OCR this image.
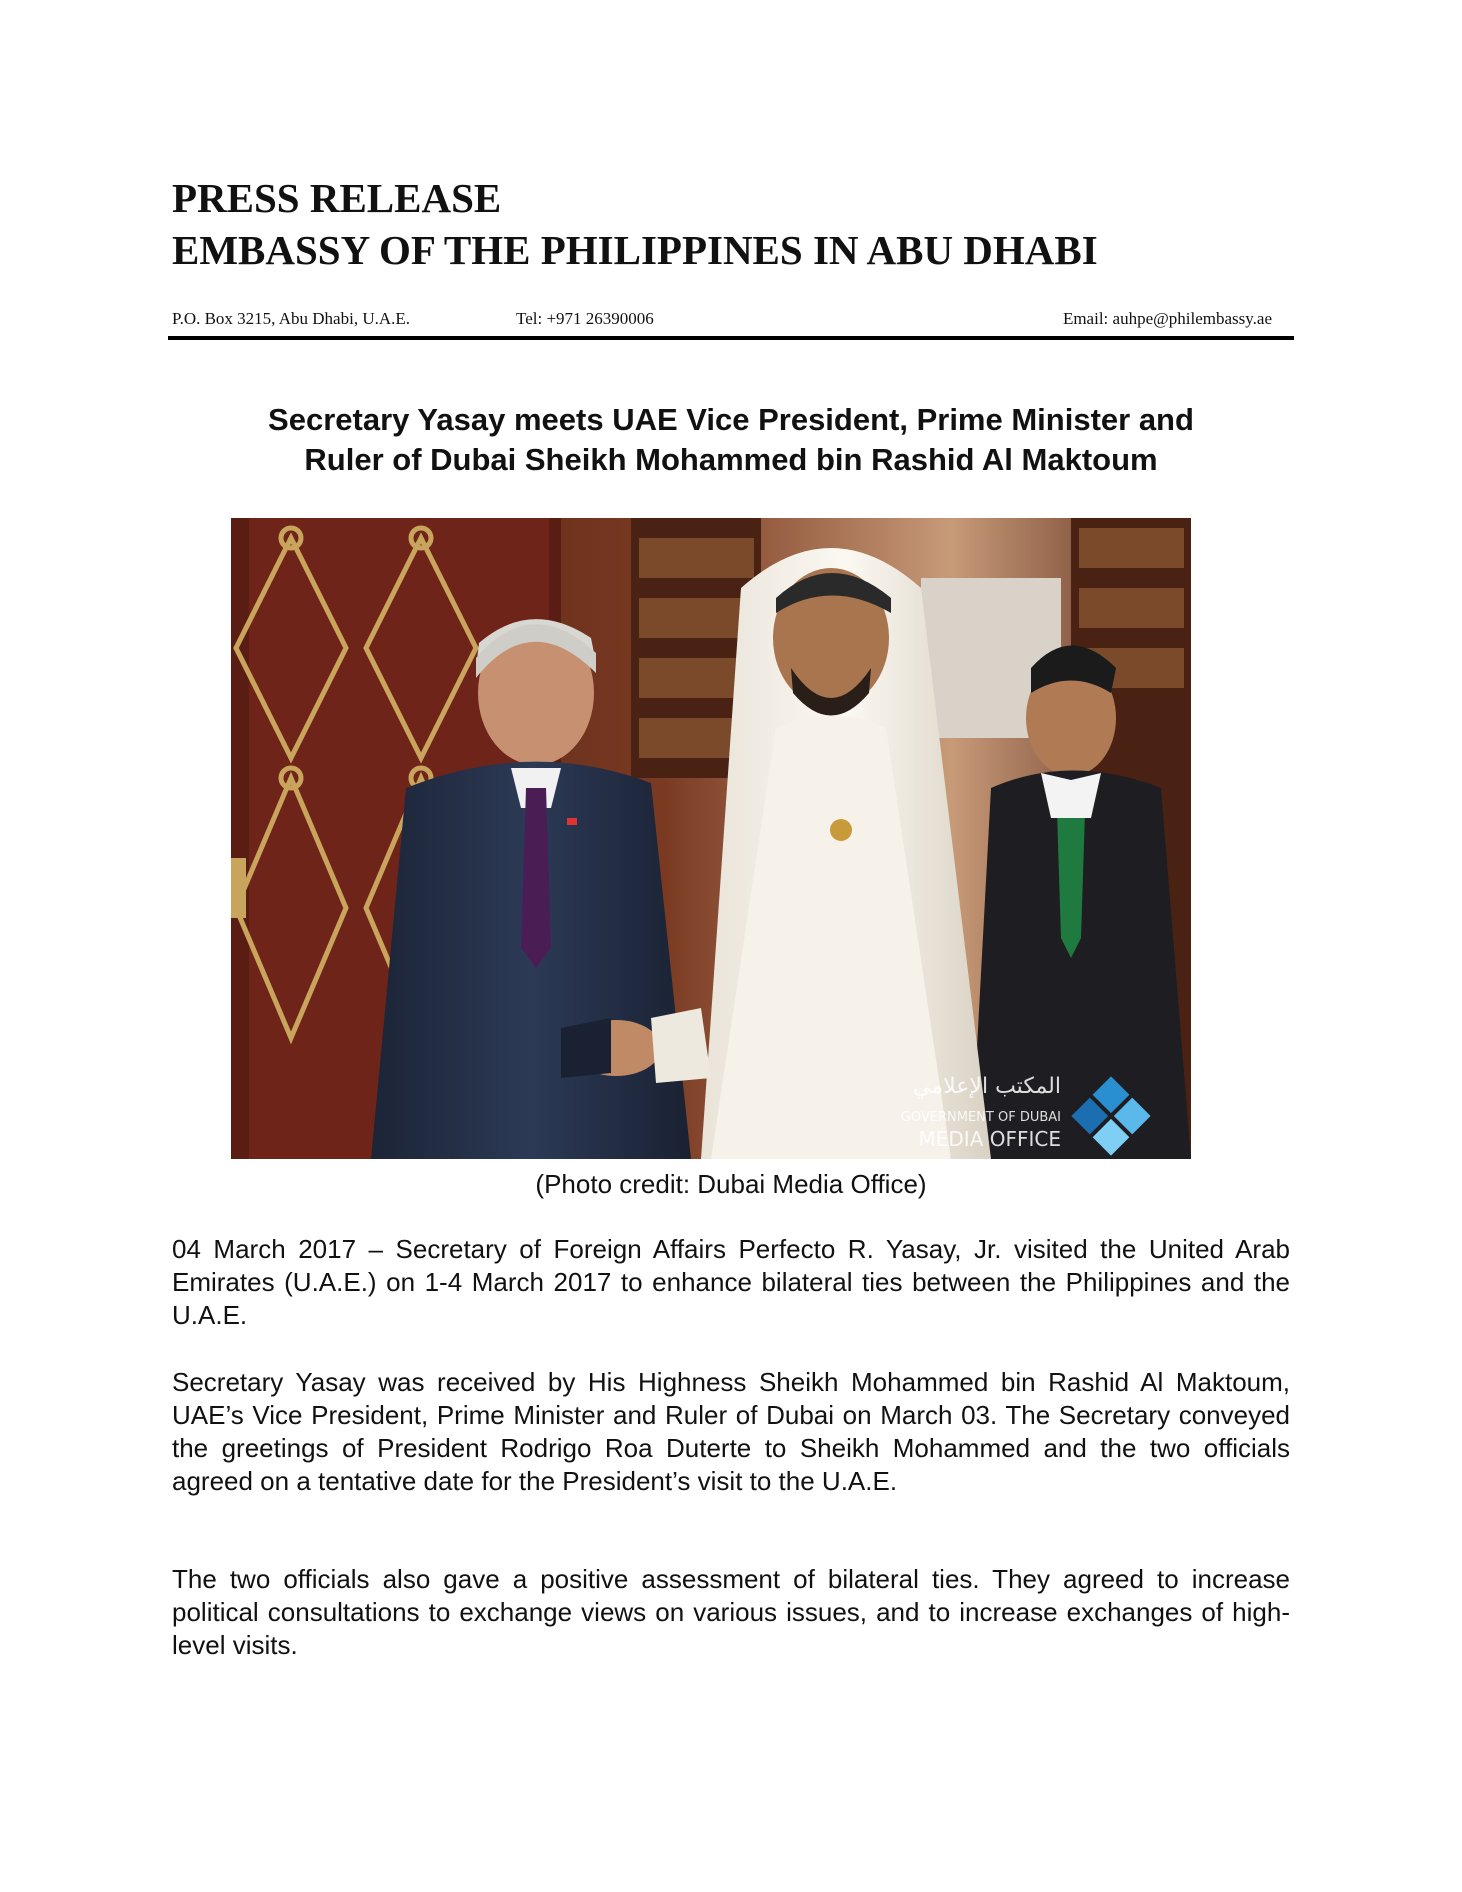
PRESS RELEASE
EMBASSY OF THE PHILIPPINES IN ABU DHABI
P.O. Box 3215, Abu Dhabi, U.A.E.	Tel: +971 26390006	Email: auhpe@philembassy.ae
Secretary Yasay meets UAE Vice President, Prime Minister and
Ruler of Dubai Sheikh Mohammed bin Rashid Al Maktoum
المكتب الإعلامي
GOVERNMENT OF DUBAI
MEDIA OFFICE
(Photo credit: Dubai Media Office)

04 March 2017 – Secretary of Foreign Affairs Perfecto R. Yasay, Jr. visited the United Arab Emirates (U.A.E.) on 1-4 March 2017 to enhance bilateral ties between the Philippines and the U.A.E.

Secretary Yasay was received by His Highness Sheikh Mohammed bin Rashid Al Maktoum, UAE’s Vice President, Prime Minister and Ruler of Dubai on March 03. The Secretary conveyed the greetings of President Rodrigo Roa Duterte to Sheikh Mohammed and the two officials agreed on a tentative date for the President’s visit to the U.A.E.

The two officials also gave a positive assessment of bilateral ties. They agreed to increase political consultations to exchange views on various issues, and to increase exchanges of high-level visits.
